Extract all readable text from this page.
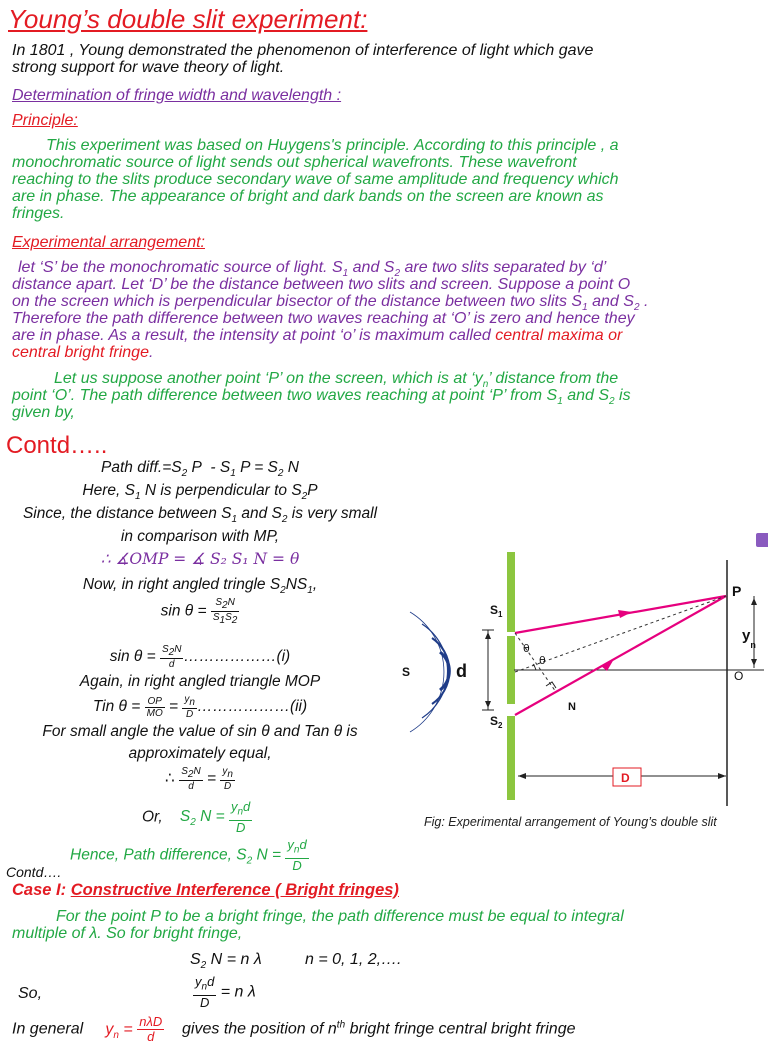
Young’s double slit experiment:
In 1801 , Young demonstrated the phenomenon of interference of light which gave
strong support for wave theory of light.
Determination of fringe width and wavelength :
Principle:
This experiment was based on Huygens's principle. According to this principle , a
monochromatic source of light sends out spherical wavefronts. These wavefront
reaching to the slits produce secondary wave of same amplitude and frequency which
are in phase. The appearance of bright and dark bands on the screen are known as
fringes.
Experimental arrangement:
let ‘S’ be the monochromatic source of light. $S_1$ and $S_2$ are two slits separated by ‘d’
distance apart. Let ‘D’ be the distance between two slits and screen. Suppose a point O
on the screen which is perpendicular bisector of the distance between two slits $S_1$ and $S_2$ .
Therefore the path difference between two waves reaching at ‘O’ is zero and hence they
are in phase. As a result, the intensity at point ‘o’ is maximum called central maxima or
central bright fringe.
Let us suppose another point ‘P’ on the screen, which is at ‘$y_n$’ distance from the
point ‘O’. The path difference between two waves reaching at point ‘P’ from $S_1$ and $S_2$ is
given by,
Contd…..
Path $diff.=S_2$ P  - $S_1$ $P = S_2$ N
Here, $S_1$ N is perpendicular to $S_2P$
Since, the distance between $S_1$ and $S_2$ is very small
in comparison with MP,
∴ ∡OMP = ∡ S₂ S₁ N = θ
Now, in right angled tringle $S_2NS_1$,
$\sin \theta = \frac{S_2N}{S_1S_2}$
$\sin \theta = \frac{S_2N}{d}$ ………………(i)
Again, in right angled triangle MOP
Tin $\theta = \frac{OP}{MO} = \frac{y_n}{D}$ ………………(ii)
For small angle the value of sin θ and Tan θ is
approximately equal,
∴ $\frac{S_2N}{d} = \frac{y_n}{D}$
Or, $S_2$ $N = \frac{y_nd}{D}$
Hence, Path difference, $S_2$ $N = \frac{y_nd}{D}$
Contd….
Case I: Constructive Interference ( Bright fringes)
For the point P to be a bright fringe, the path difference must be equal to integral
multiple of λ. So for bright fringe,
$S_2$ N = n λ	n = 0, 1, 2,….
So,	$\frac{y_nd}{D} = n$ λ
In general $y_n = \frac{\text{nλD}}{d}$ gives the position of $n^{th}$ bright fringe central bright fringe
D
$S_1$
$S_2$
S	d
θ
θ
N
P
O
$y_n$
Fig: Experimental arrangement of Young’s double slit
